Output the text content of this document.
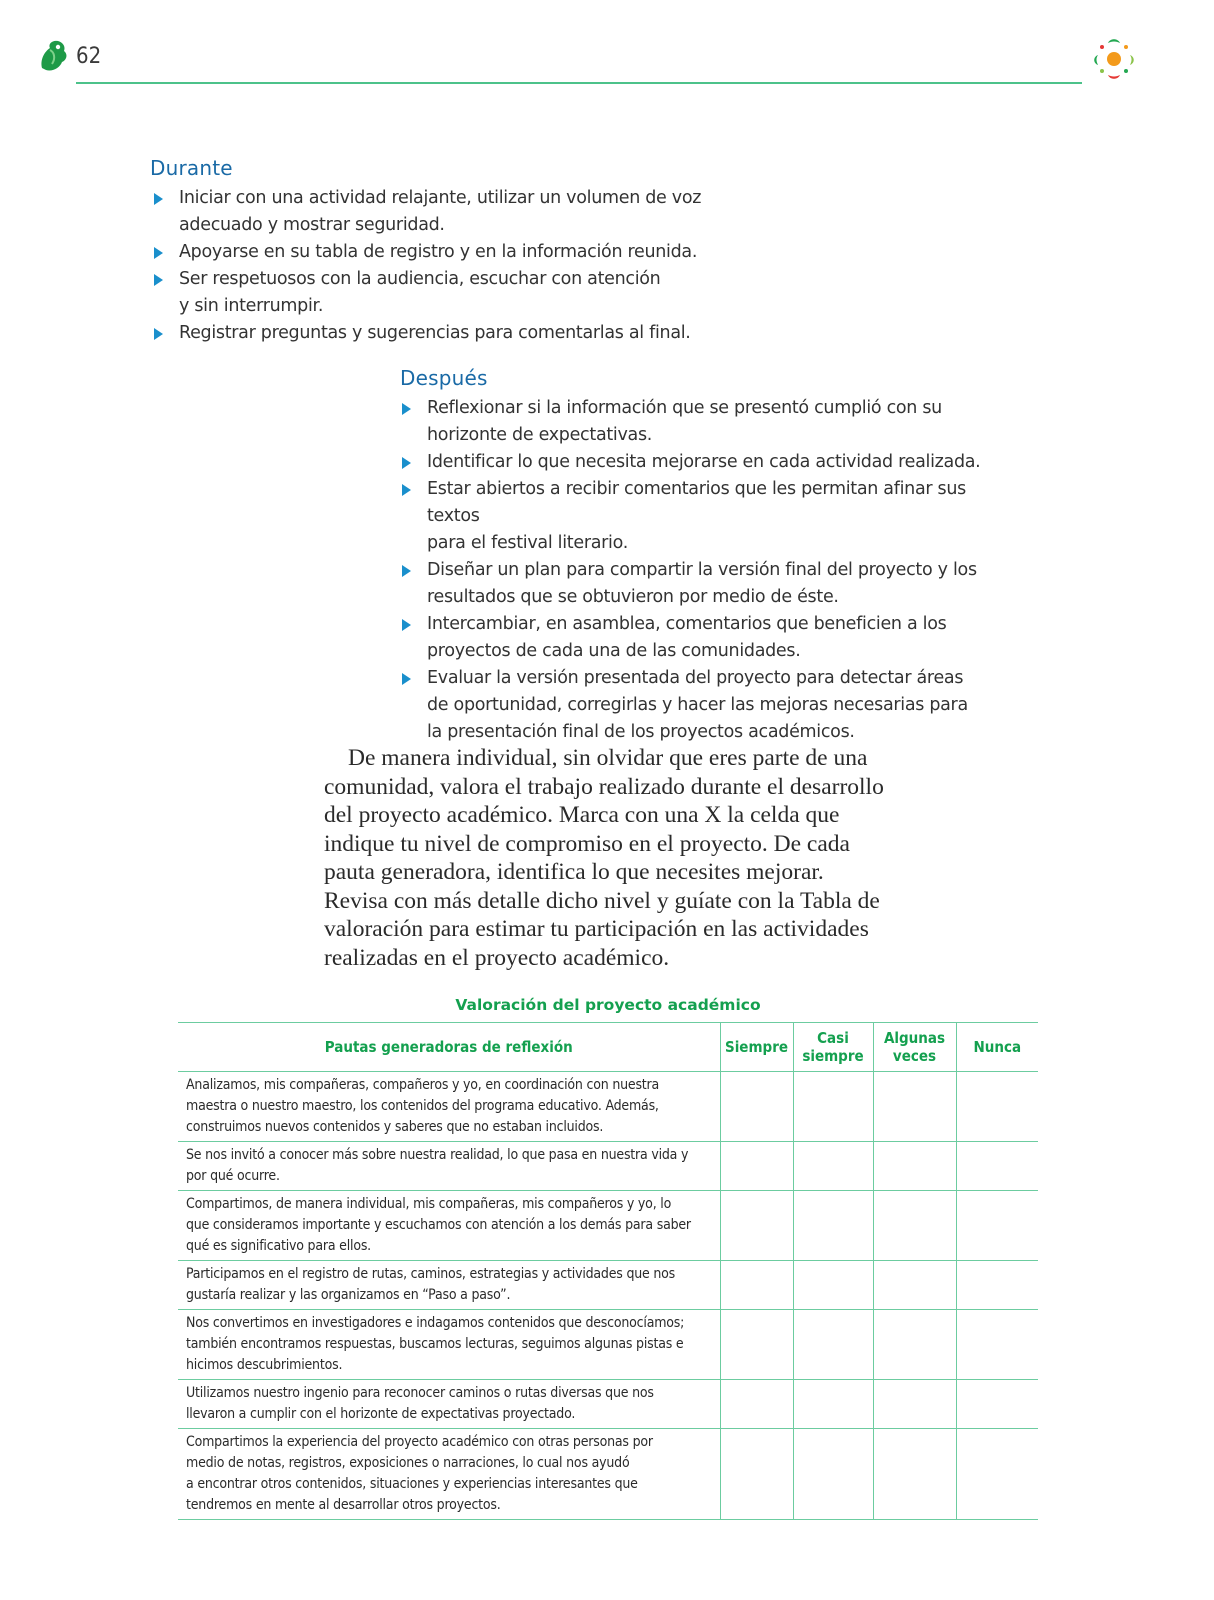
62
Durante
Iniciar con una actividad relajante, utilizar un volumen de voz
adecuado y mostrar seguridad.
Apoyarse en su tabla de registro y en la información reunida.
Ser respetuosos con la audiencia, escuchar con atención
y sin interrumpir.
Registrar preguntas y sugerencias para comentarlas al final.
Después
Reflexionar si la información que se presentó cumplió con su
horizonte de expectativas.
Identificar lo que necesita mejorarse en cada actividad realizada.
Estar abiertos a recibir comentarios que les permitan afinar sus textos
para el festival literario.
Diseñar un plan para compartir la versión final del proyecto y los
resultados que se obtuvieron por medio de éste.
Intercambiar, en asamblea, comentarios que beneficien a los
proyectos de cada una de las comunidades.
Evaluar la versión presentada del proyecto para detectar áreas
de oportunidad, corregirlas y hacer las mejoras necesarias para
la presentación final de los proyectos académicos.
De manera individual, sin olvidar que eres parte de una
comunidad, valora el trabajo realizado durante el desarrollo
del proyecto académico. Marca con una X la celda que
indique tu nivel de compromiso en el proyecto. De cada
pauta generadora, identifica lo que necesites mejorar.
Revisa con más detalle dicho nivel y guíate con la Tabla de
valoración para estimar tu participación en las actividades
realizadas en el proyecto académico.
Valoración del proyecto académico
Pautas generadoras de reflexión	Siempre	Casi
siempre	Algunas
veces	Nunca

Analizamos, mis compañeras, compañeros y yo, en coordinación con nuestra
maestra o nuestro maestro, los contenidos del programa educativo. Además,
construimos nuevos contenidos y saberes que no estaban incluidos.				

Se nos invitó a conocer más sobre nuestra realidad, lo que pasa en nuestra vida y
por qué ocurre.				

Compartimos, de manera individual, mis compañeras, mis compañeros y yo, lo
que consideramos importante y escuchamos con atención a los demás para saber
qué es significativo para ellos.				

Participamos en el registro de rutas, caminos, estrategias y actividades que nos
gustaría realizar y las organizamos en “Paso a paso”.				

Nos convertimos en investigadores e indagamos contenidos que desconocíamos;
también encontramos respuestas, buscamos lecturas, seguimos algunas pistas e
hicimos descubrimientos.				

Utilizamos nuestro ingenio para reconocer caminos o rutas diversas que nos
llevaron a cumplir con el horizonte de expectativas proyectado.				

Compartimos la experiencia del proyecto académico con otras personas por
medio de notas, registros, exposiciones o narraciones, lo cual nos ayudó
a encontrar otros contenidos, situaciones y experiencias interesantes que
tendremos en mente al desarrollar otros proyectos.				
